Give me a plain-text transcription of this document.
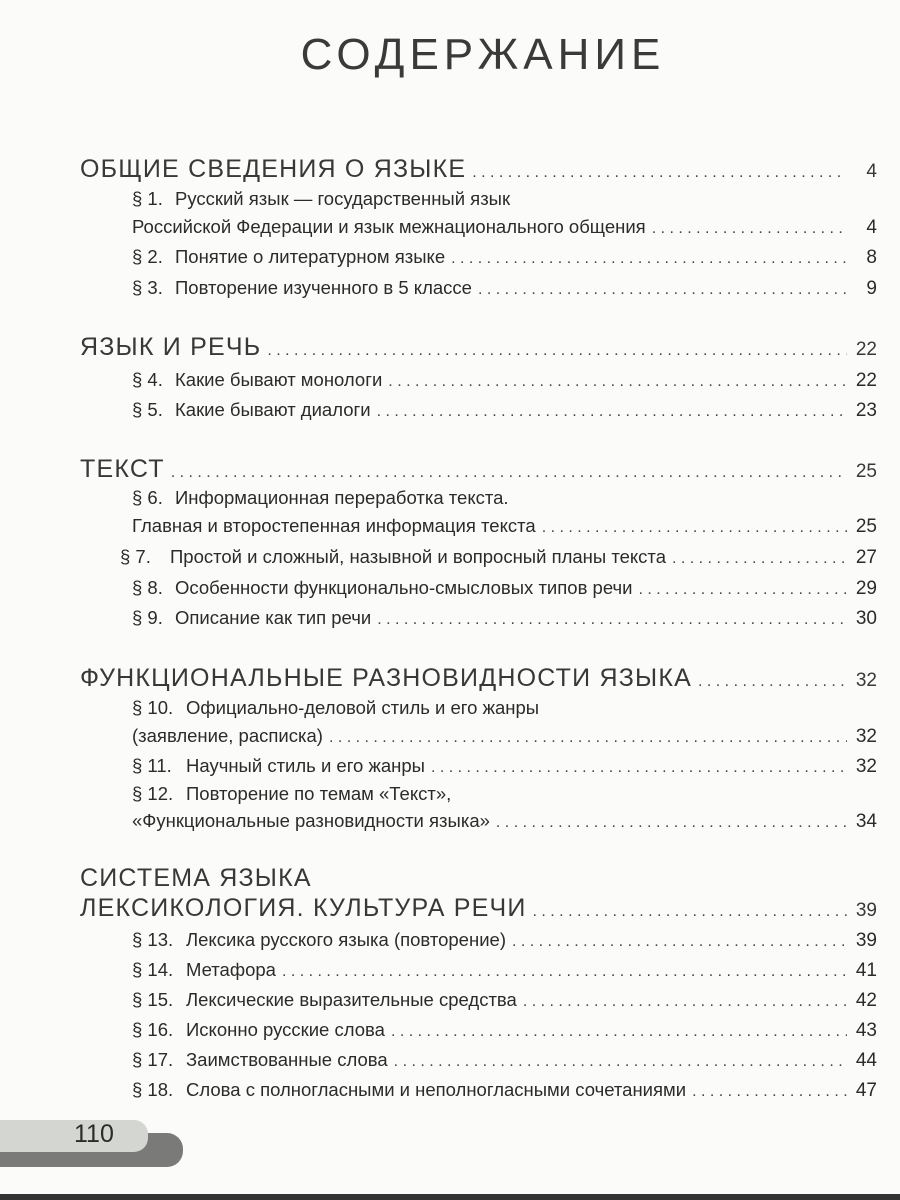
СОДЕРЖАНИЕ
ОБЩИЕ СВЕДЕНИЯ О ЯЗЫКЕ . . .	4
§ 1. Русский язык — государственный язык
Российской Федерации и язык межнационального общения . . .	4
§ 2. Понятие о литературном языке . . .	8
§ 3. Повторение изученного в 5 классе . . .	9
ЯЗЫК И РЕЧЬ . . .	22
§ 4. Какие бывают монологи . . .	22
§ 5. Какие бывают диалоги . . .	23
ТЕКСТ . . .	25
§ 6. Информационная переработка текста.
Главная и второстепенная информация текста . . .	25
§ 7.	Простой и сложный, назывной и вопросный планы текста . . .	27
§ 8. Особенности функционально-смысловых типов речи . . .	29
§ 9. Описание как тип речи . . .	30
ФУНКЦИОНАЛЬНЫЕ РАЗНОВИДНОСТИ ЯЗЫКА . . .	32
§ 10. Официально-деловой стиль и его жанры
(заявление, расписка) . . .	32
§ 11. Научный стиль и его жанры . . .	32
§ 12. Повторение по темам «Текст»,
«Функциональные разновидности языка» . . .	34
СИСТЕМА ЯЗЫКА
ЛЕКСИКОЛОГИЯ. КУЛЬТУРА РЕЧИ . . .	39
§ 13. Лексика русского языка (повторение) . . .	39
§ 14. Метафора . . .	41
§ 15. Лексические выразительные средства . . .	42
§ 16. Исконно русские слова . . .	43
§ 17. Заимствованные слова . . .	44
§ 18. Слова с полногласными и неполногласными сочетаниями . . .	47
110
